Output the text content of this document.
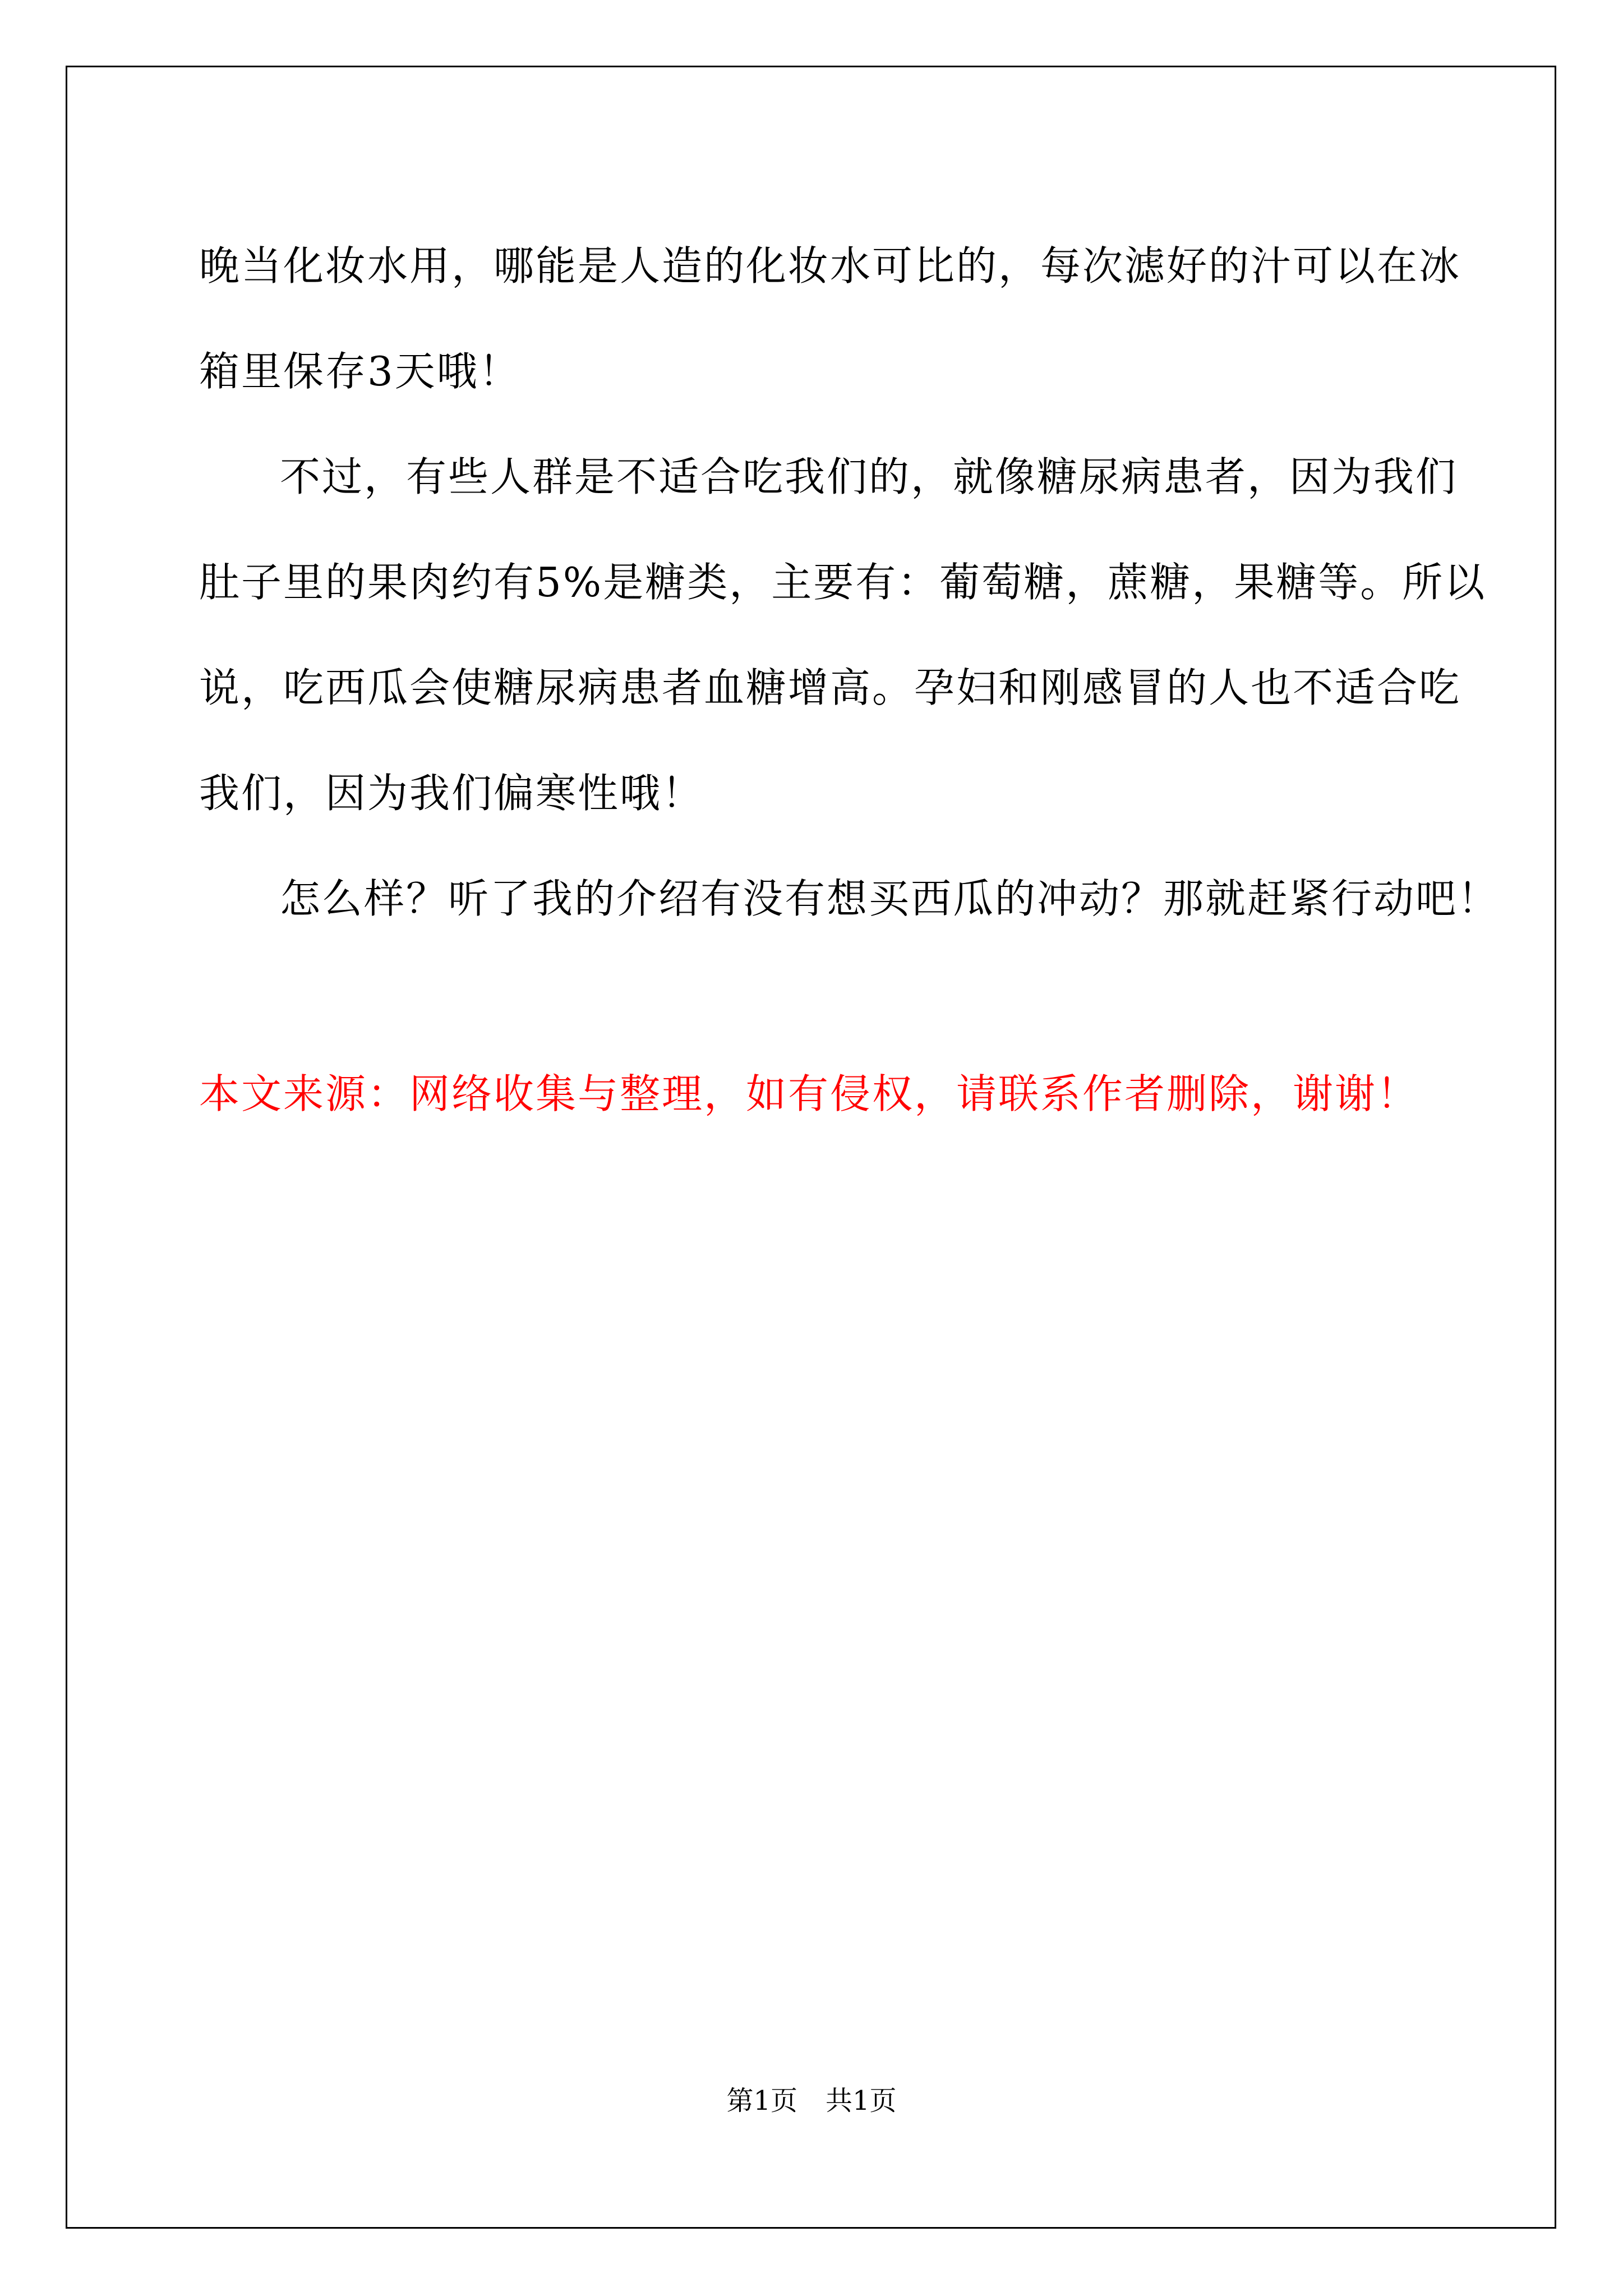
晚当化妆水用，哪能是人造的化妆水可比的，每次滤好的汁可以在冰

箱里保存3天哦！

不过，有些人群是不适合吃我们的，就像糖尿病患者，因为我们

肚子里的果肉约有5%是糖类，主要有：葡萄糖，蔗糖，果糖等。所以

说，吃西瓜会使糖尿病患者血糖增高。孕妇和刚感冒的人也不适合吃

我们，因为我们偏寒性哦！

怎么样？听了我的介绍有没有想买西瓜的冲动？那就赶紧行动吧！

本文来源：网络收集与整理，如有侵权，请联系作者删除，谢谢！
第1页 共1页
